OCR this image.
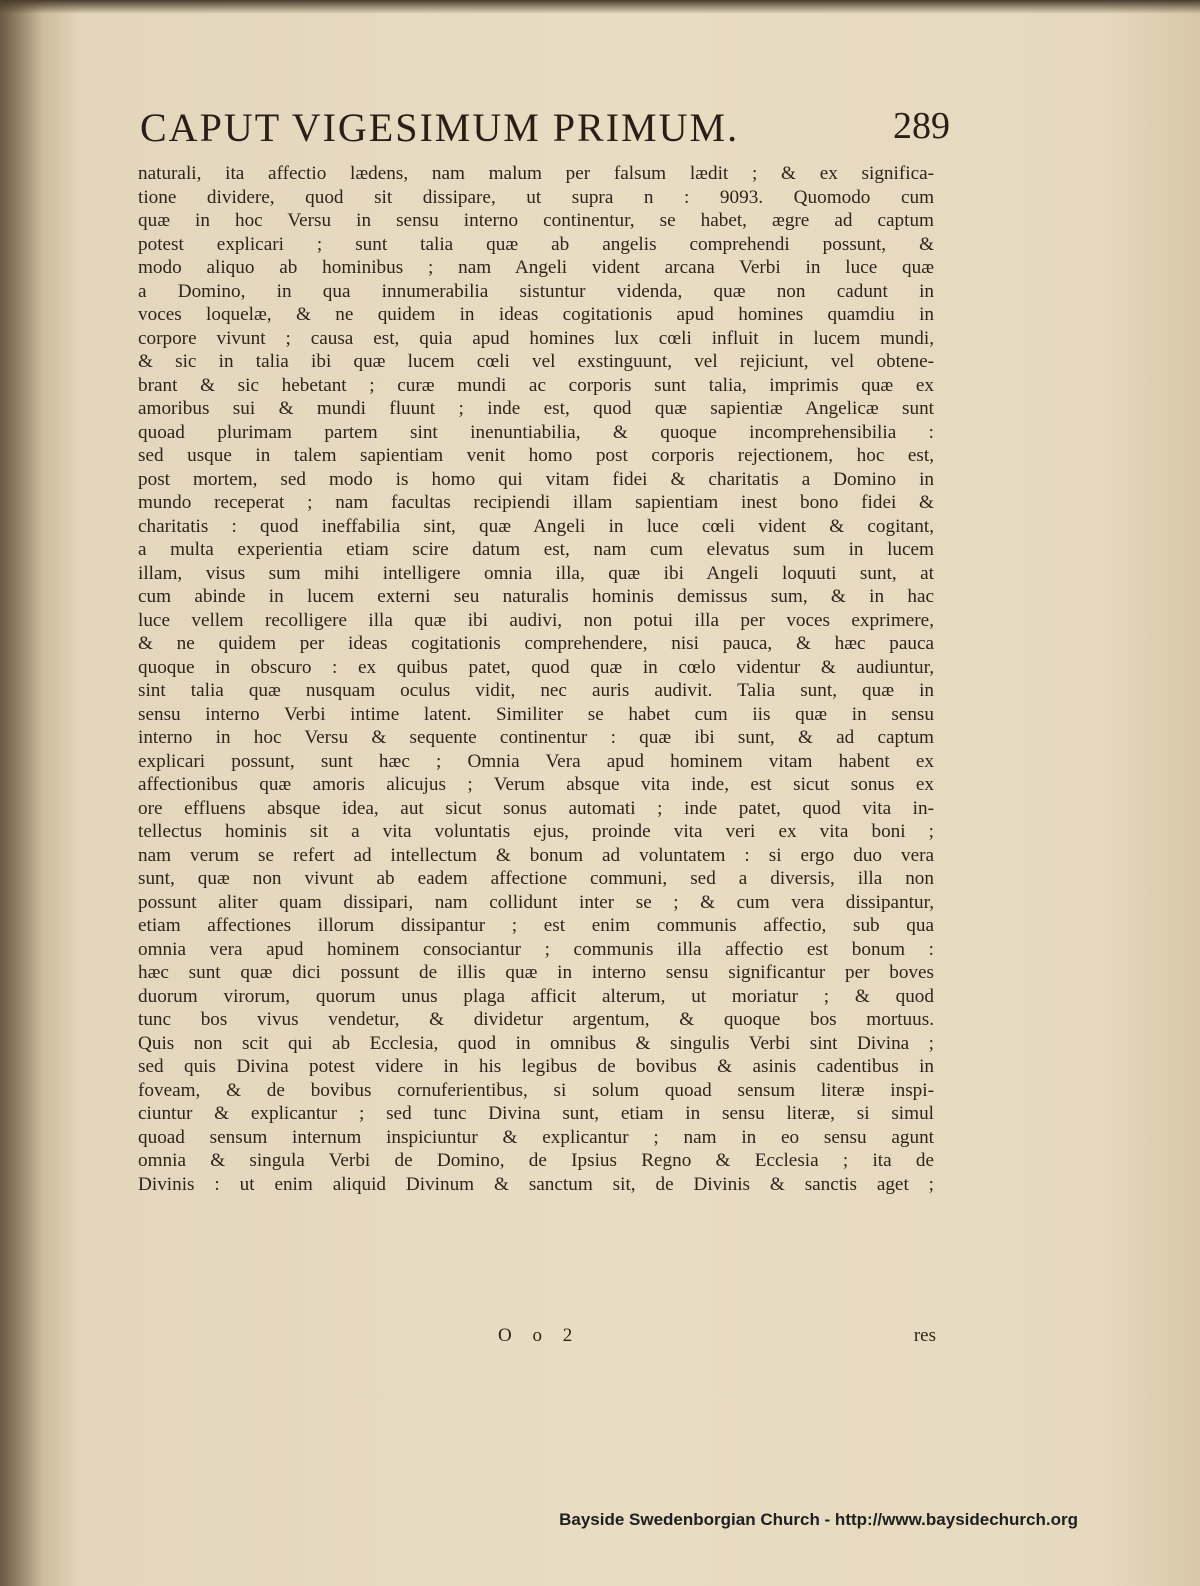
CAPUT VIGESIMUM PRIMUM.	289
naturali, ita affectio lædens, nam malum per falsum lædit ; & ex significa-
tione dividere, quod sit dissipare, ut supra n : 9093. Quomodo cum
quæ in hoc Versu in sensu interno continentur, se habet, ægre ad captum
potest explicari ; sunt talia quæ ab angelis comprehendi possunt, &
modo aliquo ab hominibus ; nam Angeli vident arcana Verbi in luce quæ
a Domino, in qua innumerabilia sistuntur videnda, quæ non cadunt in
voces loquelæ, & ne quidem in ideas cogitationis apud homines quamdiu in
corpore vivunt ; causa est, quia apud homines lux cœli influit in lucem mundi,
& sic in talia ibi quæ lucem cœli vel exstinguunt, vel rejiciunt, vel obtene-
brant & sic hebetant ; curæ mundi ac corporis sunt talia, imprimis quæ ex
amoribus sui & mundi fluunt ; inde est, quod quæ sapientiæ Angelicæ sunt
quoad plurimam partem sint inenuntiabilia, & quoque incomprehensibilia :
sed usque in talem sapientiam venit homo post corporis rejectionem, hoc est,
post mortem, sed modo is homo qui vitam fidei & charitatis a Domino in
mundo receperat ; nam facultas recipiendi illam sapientiam inest bono fidei &
charitatis : quod ineffabilia sint, quæ Angeli in luce cœli vident & cogitant,
a multa experientia etiam scire datum est, nam cum elevatus sum in lucem
illam, visus sum mihi intelligere omnia illa, quæ ibi Angeli loquuti sunt, at
cum abinde in lucem externi seu naturalis hominis demissus sum, & in hac
luce vellem recolligere illa quæ ibi audivi, non potui illa per voces exprimere,
& ne quidem per ideas cogitationis comprehendere, nisi pauca, & hæc pauca
quoque in obscuro : ex quibus patet, quod quæ in cœlo videntur & audiuntur,
sint talia quæ nusquam oculus vidit, nec auris audivit. Talia sunt, quæ in
sensu interno Verbi intime latent. Similiter se habet cum iis quæ in sensu
interno in hoc Versu & sequente continentur : quæ ibi sunt, & ad captum
explicari possunt, sunt hæc ; Omnia Vera apud hominem vitam habent ex
affectionibus quæ amoris alicujus ; Verum absque vita inde, est sicut sonus ex
ore effluens absque idea, aut sicut sonus automati ; inde patet, quod vita in-
tellectus hominis sit a vita voluntatis ejus, proinde vita veri ex vita boni ;
nam verum se refert ad intellectum & bonum ad voluntatem : si ergo duo vera
sunt, quæ non vivunt ab eadem affectione communi, sed a diversis, illa non
possunt aliter quam dissipari, nam collidunt inter se ; & cum vera dissipantur,
etiam affectiones illorum dissipantur ; est enim communis affectio, sub qua
omnia vera apud hominem consociantur ; communis illa affectio est bonum :
hæc sunt quæ dici possunt de illis quæ in interno sensu significantur per boves
duorum virorum, quorum unus plaga afficit alterum, ut moriatur ; & quod
tunc bos vivus vendetur, & dividetur argentum, & quoque bos mortuus.
Quis non scit qui ab Ecclesia, quod in omnibus & singulis Verbi sint Divina ;
sed quis Divina potest videre in his legibus de bovibus & asinis cadentibus in
foveam, & de bovibus cornuferientibus, si solum quoad sensum literæ inspi-
ciuntur & explicantur ; sed tunc Divina sunt, etiam in sensu literæ, si simul
quoad sensum internum inspiciuntur & explicantur ; nam in eo sensu agunt
omnia & singula Verbi de Domino, de Ipsius Regno & Ecclesia ; ita de
Divinis : ut enim aliquid Divinum & sanctum sit, de Divinis & sanctis aget ;
O o 2	res
Bayside Swedenborgian Church - http://www.baysidechurch.org
